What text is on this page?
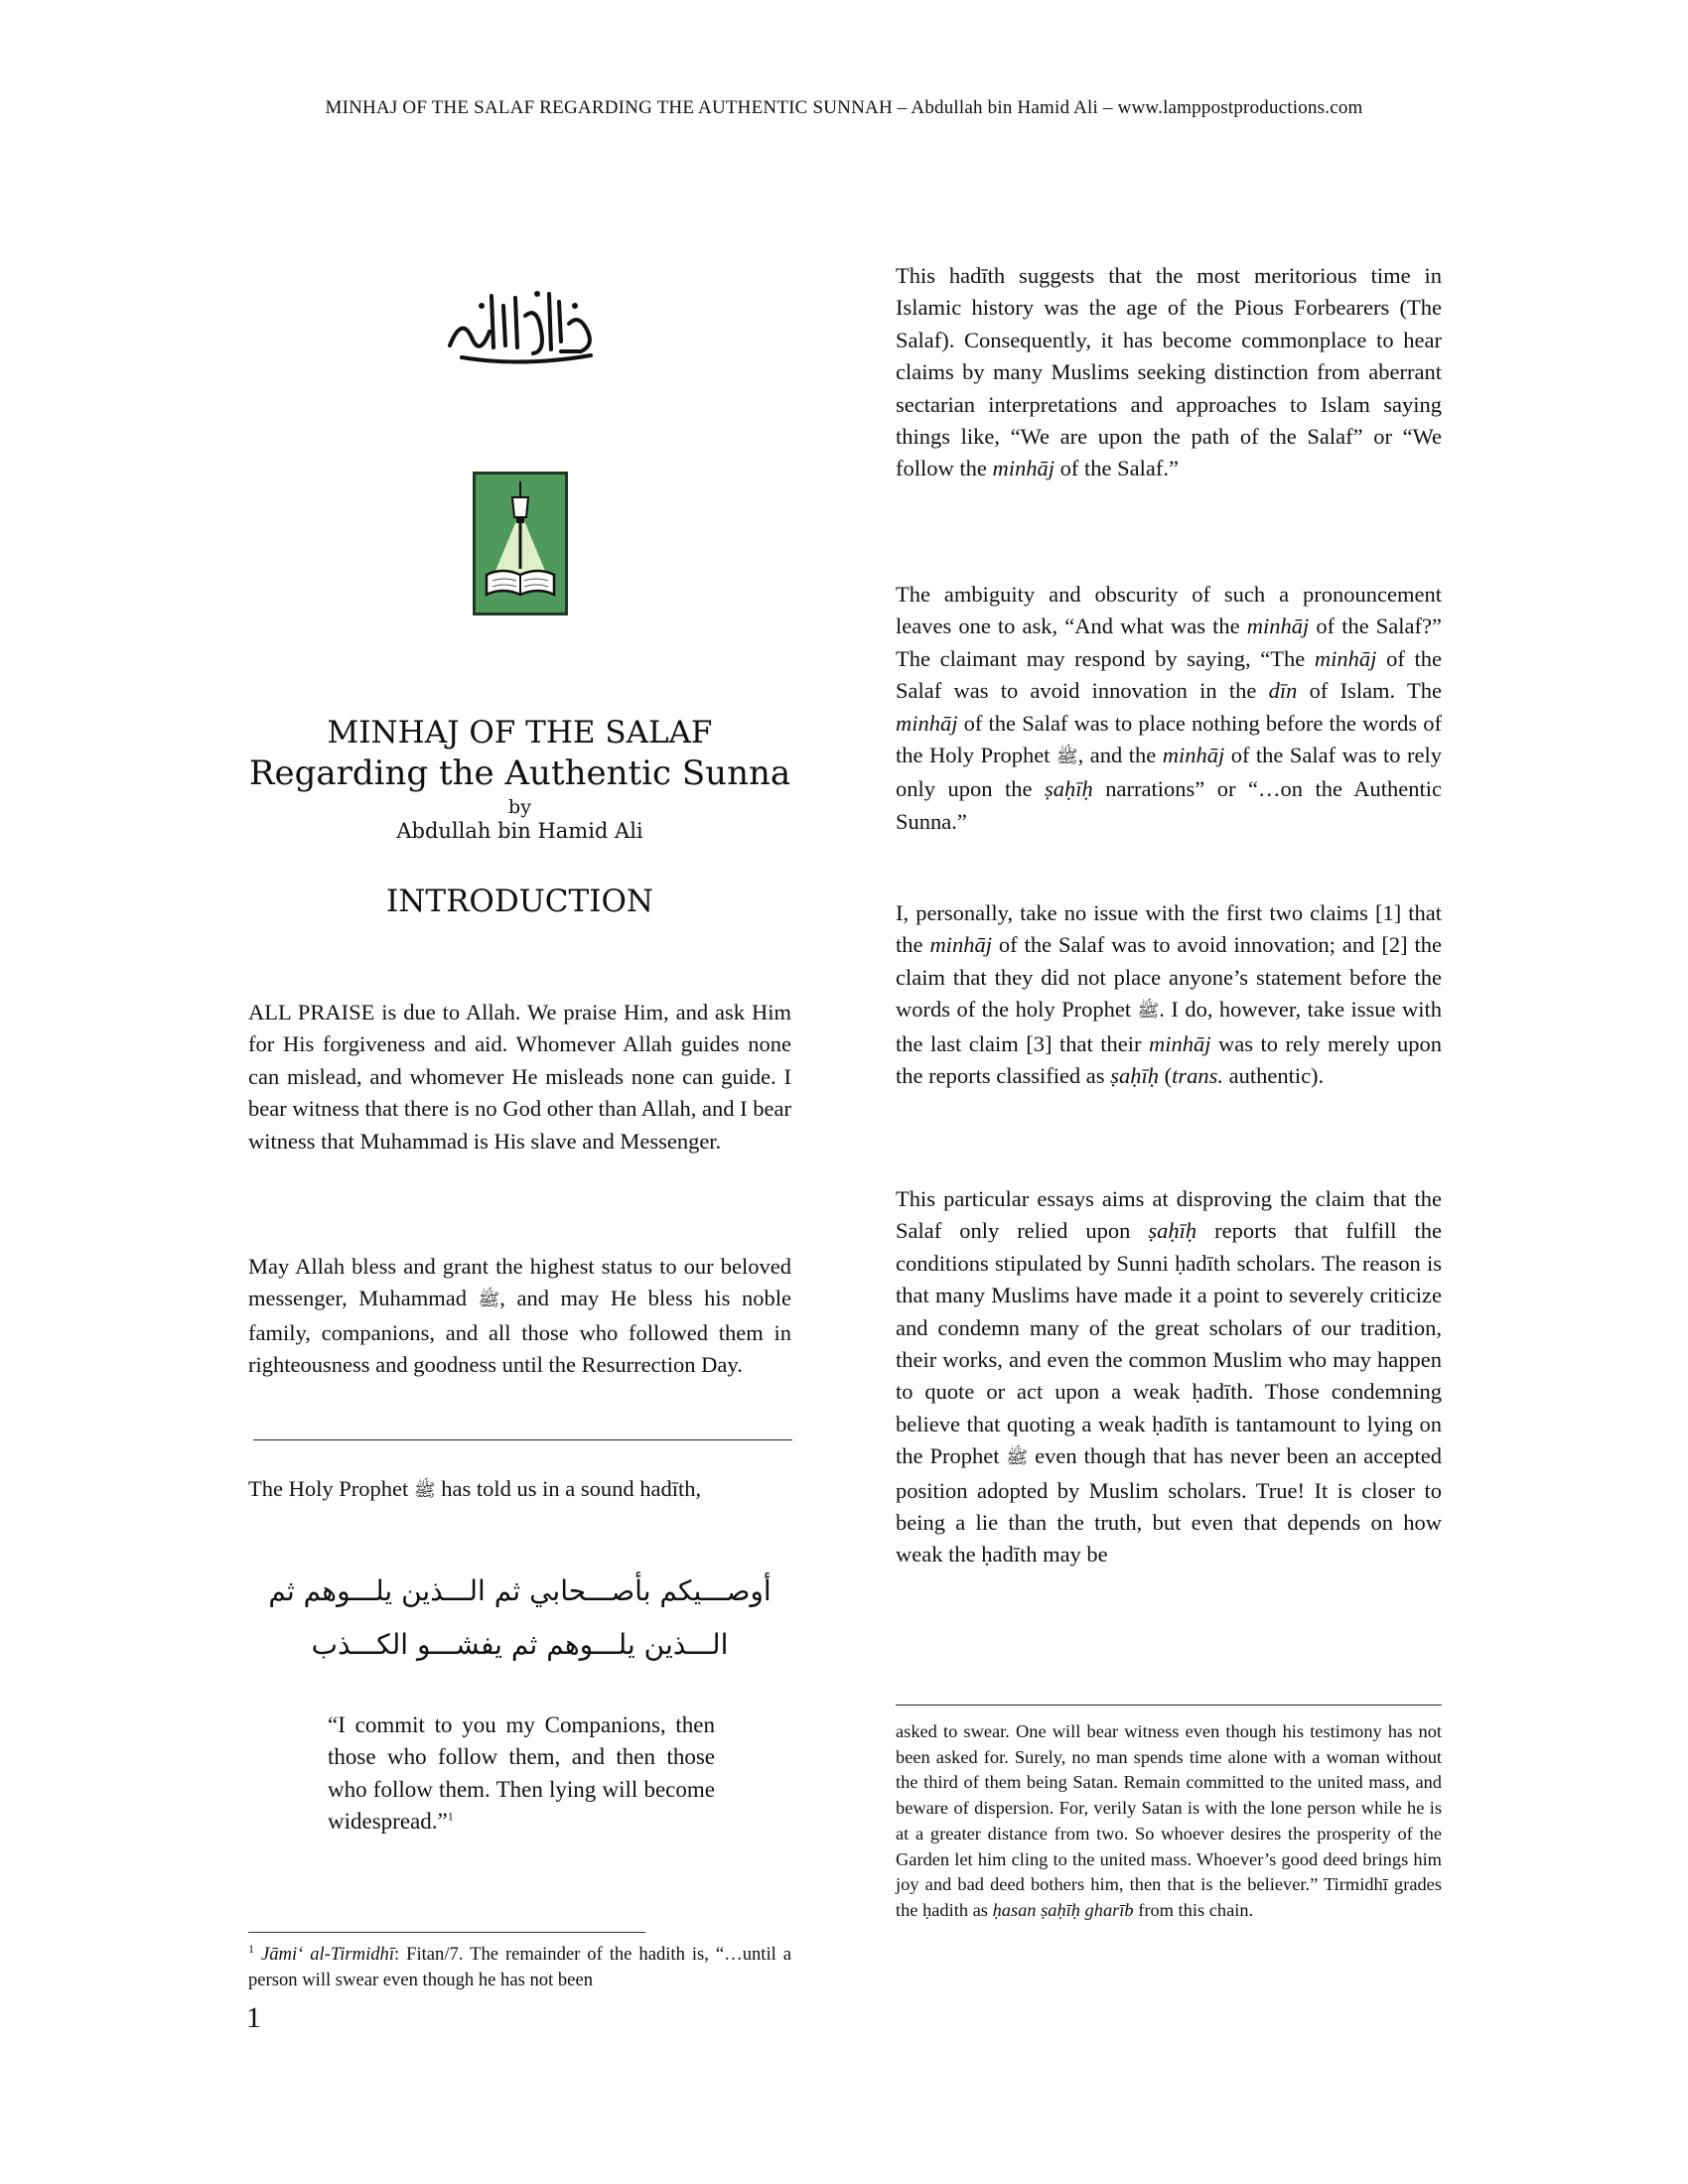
MINHAJ OF THE SALAF REGARDING THE AUTHENTIC SUNNAH – Abdullah bin Hamid Ali – www.lamppostproductions.com
MINHAJ OF THE SALAF
Regarding the Authentic Sunna
by
Abdullah bin Hamid Ali
INTRODUCTION

ALL PRAISE is due to Allah. We praise Him, and ask Him for His forgiveness and aid. Whomever Allah guides none can mislead, and whomever He misleads none can guide. I bear witness that there is no God other than Allah, and I bear witness that Muhammad is His slave and Messenger.

May Allah bless and grant the highest status to our beloved messenger, Muhammad ﷺ, and may He bless his noble family, companions, and all those who followed them in righteousness and goodness until the Resurrection Day.

The Holy Prophet ﷺ has told us in a sound hadīth,

أوصـــيكم بأصـــحابي ثم الـــذين يلـــوهم ثم
الـــذين يلـــوهم ثم يفشـــو الكـــذب

“I commit to you my Companions, then those who follow them, and then those who follow them. Then lying will become widespread.”$^1$

$^1$ Jāmi‘ al-Tirmidhī: Fitan/7. The remainder of the hadith is, “…until a person will swear even though he has not been

1

This hadīth suggests that the most meritorious time in Islamic history was the age of the Pious Forbearers (The Salaf). Consequently, it has become commonplace to hear claims by many Muslims seeking distinction from aberrant sectarian interpretations and approaches to Islam saying things like, “We are upon the path of the Salaf” or “We follow the minhāj of the Salaf.”

The ambiguity and obscurity of such a pronouncement leaves one to ask, “And what was the minhāj of the Salaf?” The claimant may respond by saying, “The minhāj of the Salaf was to avoid innovation in the dīn of Islam. The minhāj of the Salaf was to place nothing before the words of the Holy Prophet ﷺ, and the minhāj of the Salaf was to rely only upon the ṣaḥīḥ narrations” or “…on the Authentic Sunna.”

I, personally, take no issue with the first two claims [1] that the minhāj of the Salaf was to avoid innovation; and [2] the claim that they did not place anyone’s statement before the words of the holy Prophet ﷺ. I do, however, take issue with the last claim [3] that their minhāj was to rely merely upon the reports classified as ṣaḥīḥ (trans. authentic).

This particular essays aims at disproving the claim that the Salaf only relied upon ṣaḥīḥ reports that fulfill the conditions stipulated by Sunni ḥadīth scholars. The reason is that many Muslims have made it a point to severely criticize and condemn many of the great scholars of our tradition, their works, and even the common Muslim who may happen to quote or act upon a weak ḥadīth. Those condemning believe that quoting a weak ḥadīth is tantamount to lying on the Prophet ﷺ even though that has never been an accepted position adopted by Muslim scholars. True! It is closer to being a lie than the truth, but even that depends on how weak the ḥadīth may be

asked to swear. One will bear witness even though his testimony has not been asked for. Surely, no man spends time alone with a woman without the third of them being Satan. Remain committed to the united mass, and beware of dispersion. For, verily Satan is with the lone person while he is at a greater distance from two. So whoever desires the prosperity of the Garden let him cling to the united mass. Whoever’s good deed brings him joy and bad deed bothers him, then that is the believer.” Tirmidhī grades the ḥadith as ḥasan ṣaḥīḥ gharīb from this chain.
